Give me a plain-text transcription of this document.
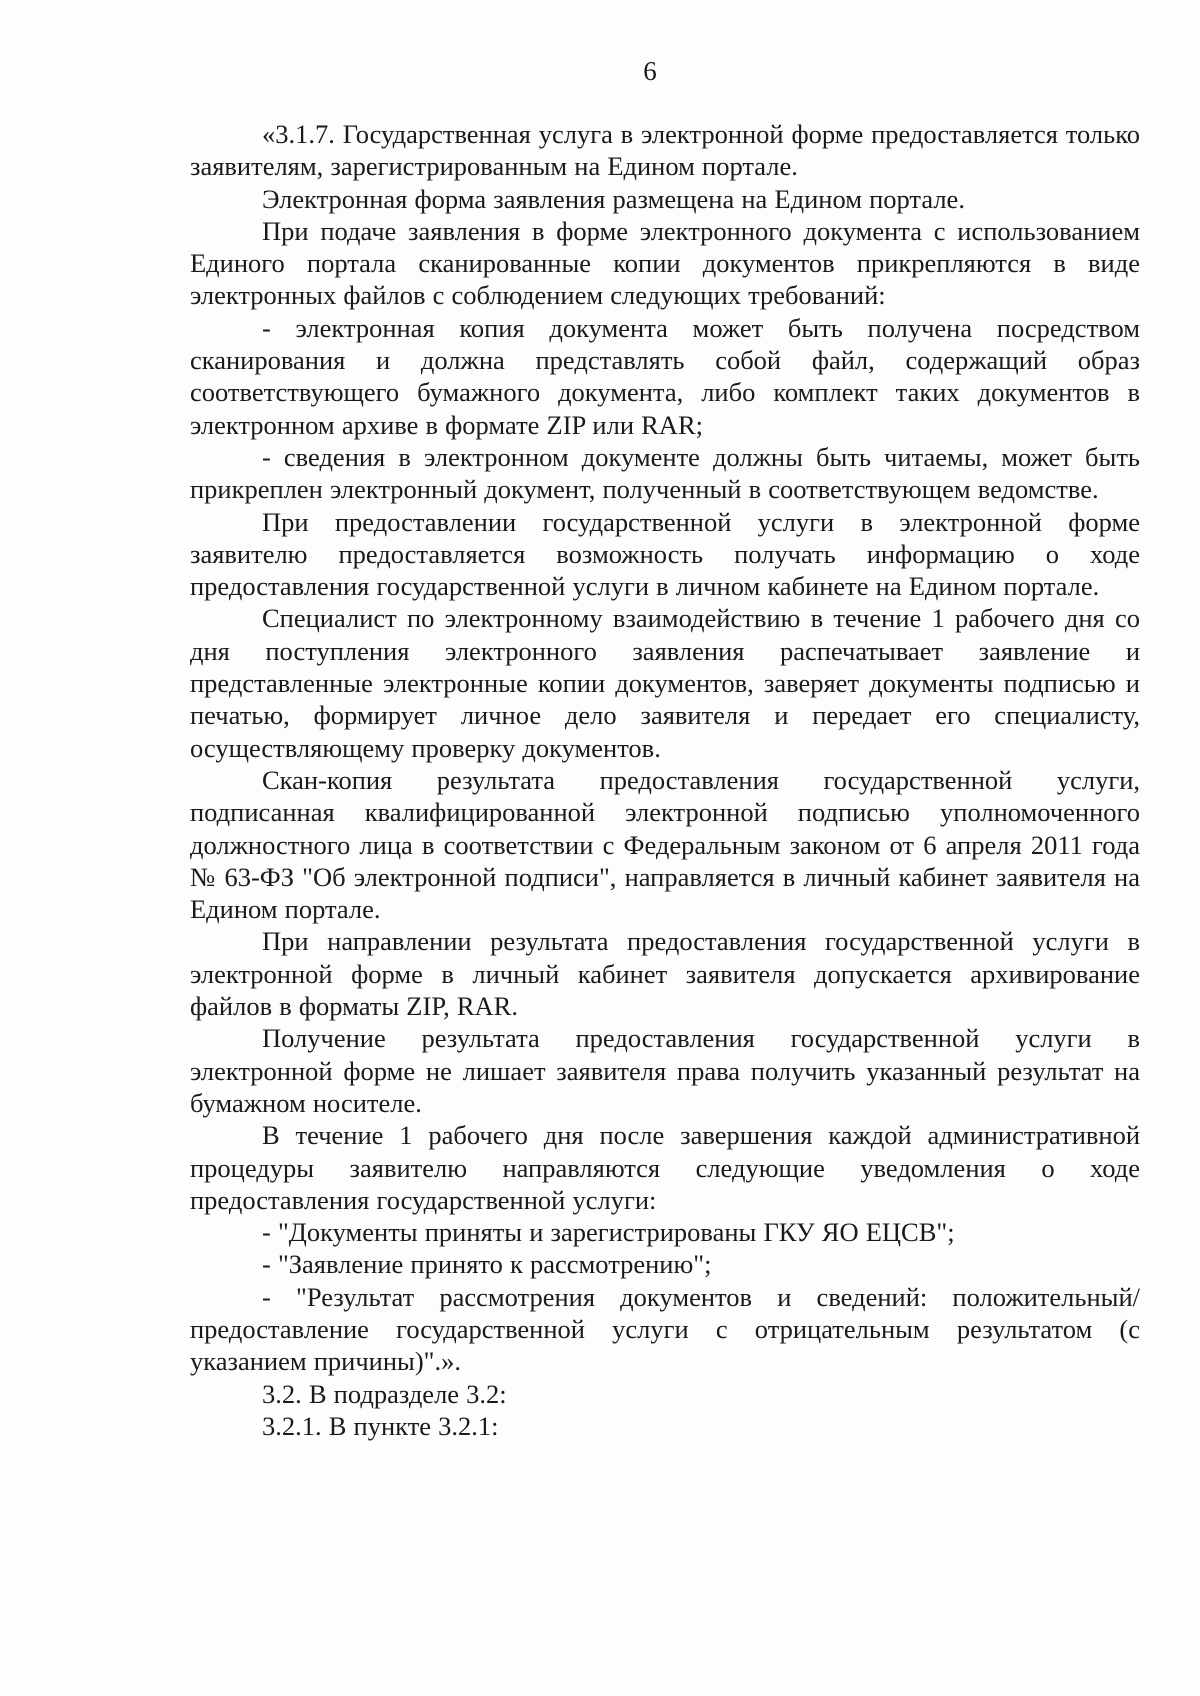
6

«3.1.7. Государственная услуга в электронной форме предоставляется только заявителям, зарегистрированным на Едином портале.

Электронная форма заявления размещена на Едином портале.

При подаче заявления в форме электронного документа с использованием Единого портала сканированные копии документов прикрепляются в виде электронных файлов с соблюдением следующих требований:

- электронная копия документа может быть получена посредством сканирования и должна представлять собой файл, содержащий образ соответствующего бумажного документа, либо комплект таких документов в электронном архиве в формате ZIP или RAR;

- сведения в электронном документе должны быть читаемы, может быть прикреплен электронный документ, полученный в соответствующем ведомстве.

При предоставлении государственной услуги в электронной форме заявителю предоставляется возможность получать информацию о ходе предоставления государственной услуги в личном кабинете на Едином портале.

Специалист по электронному взаимодействию в течение 1 рабочего дня со дня поступления электронного заявления распечатывает заявление и представленные электронные копии документов, заверяет документы подписью и печатью, формирует личное дело заявителя и передает его специалисту, осуществляющему проверку документов.

Скан-копия результата предоставления государственной услуги, подписанная квалифицированной электронной подписью уполномоченного должностного лица в соответствии с Федеральным законом от 6 апреля 2011 года № 63-ФЗ "Об электронной подписи", направляется в личный кабинет заявителя на Едином портале.

При направлении результата предоставления государственной услуги в электронной форме в личный кабинет заявителя допускается архивирование файлов в форматы ZIP, RAR.

Получение результата предоставления государственной услуги в электронной форме не лишает заявителя права получить указанный результат на бумажном носителе.

В течение 1 рабочего дня после завершения каждой административной процедуры заявителю направляются следующие уведомления о ходе предоставления государственной услуги:

- "Документы приняты и зарегистрированы ГКУ ЯО ЕЦСВ";

- "Заявление принято к рассмотрению";

- "Результат рассмотрения документов и сведений: положительный/ предоставление государственной услуги с отрицательным результатом (с указанием причины)".».

3.2. В подразделе 3.2:

3.2.1. В пункте 3.2.1:
